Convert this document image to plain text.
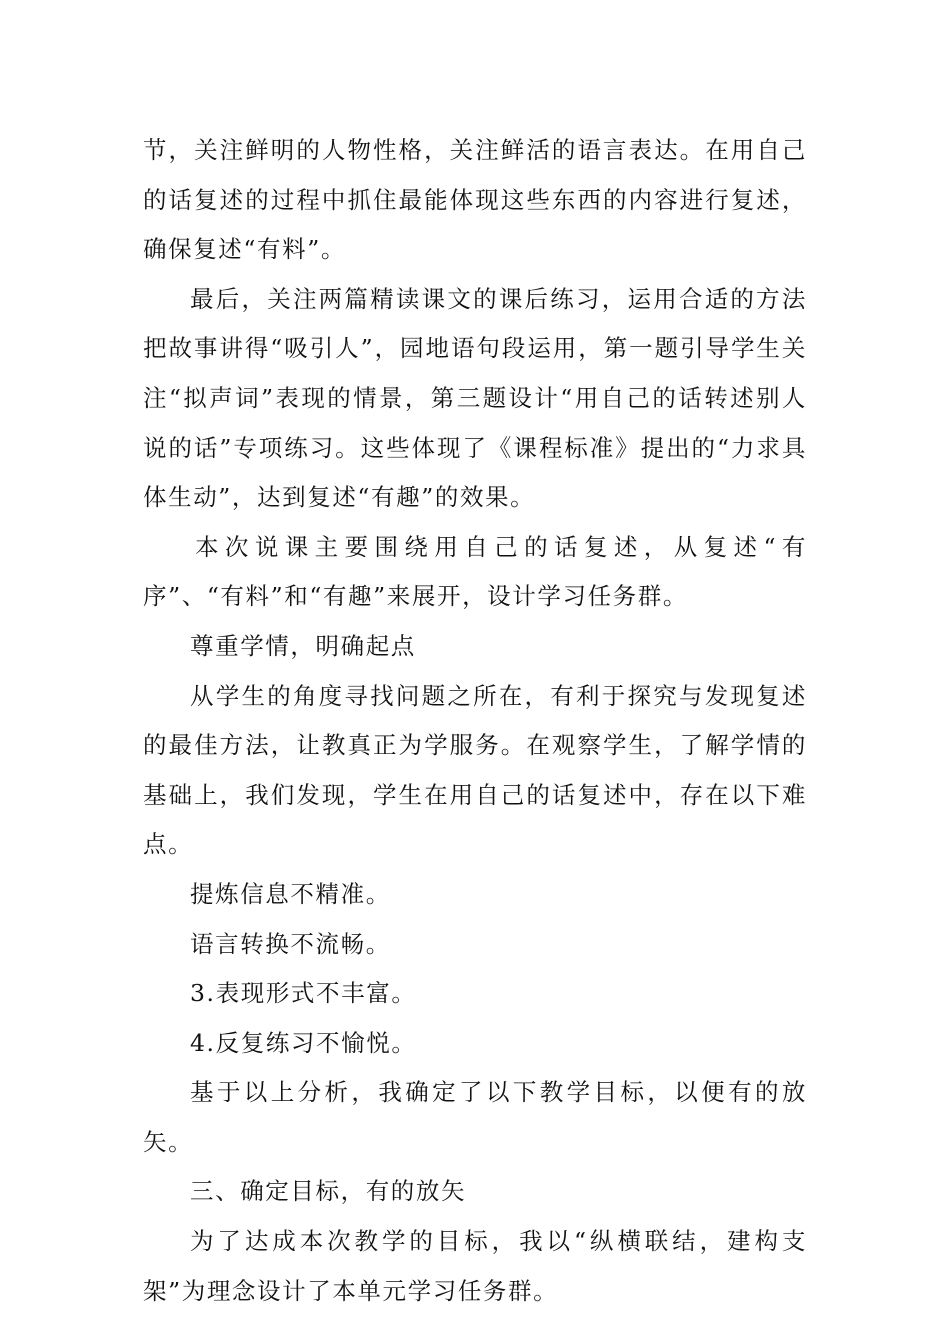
节，关注鲜明的人物性格，关注鲜活的语言表达。在用自己的话复述的过程中抓住最能体现这些东西的内容进行复述，确保复述“有料”。

最后，关注两篇精读课文的课后练习，运用合适的方法把故事讲得“吸引人”，园地语句段运用，第一题引导学生关注“拟声词”表现的情景，第三题设计“用自己的话转述别人说的话”专项练习。这些体现了《课程标准》提出的“力求具体生动”，达到复述“有趣”的效果。

本次说课主要围绕用自己的话复述，从复述“有序”、“有料”和“有趣”来展开，设计学习任务群。

尊重学情，明确起点

从学生的角度寻找问题之所在，有利于探究与发现复述的最佳方法，让教真正为学服务。在观察学生，了解学情的基础上，我们发现，学生在用自己的话复述中，存在以下难点。

提炼信息不精准。

语言转换不流畅。

3.表现形式不丰富。

4.反复练习不愉悦。

基于以上分析，我确定了以下教学目标，以便有的放矢。

三、确定目标，有的放矢

为了达成本次教学的目标，我以“纵横联结，建构支架”为理念设计了本单元学习任务群。
